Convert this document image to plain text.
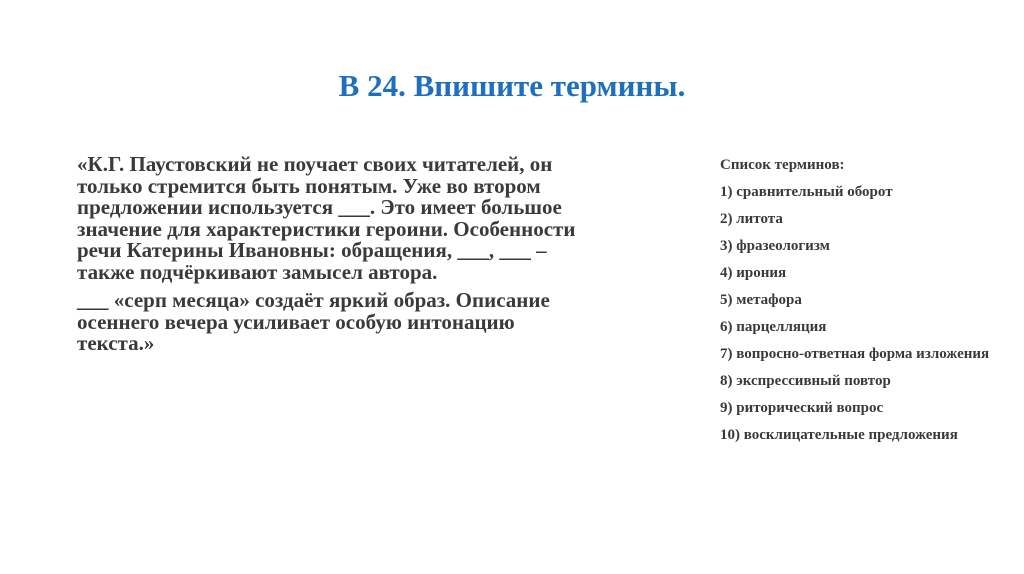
В 24. Впишите термины.

«К.Г. Паустовский не поучает своих читателей, он только стремится быть понятым. Уже во втором предложении используется ___. Это имеет большое значение для характеристики героини. Особенности речи Катерины Ивановны: обращения, ___, ___ – также подчёркивают замысел автора.

___ «серп месяца» создаёт яркий образ. Описание осеннего вечера усиливает особую интонацию текста.»

Список терминов:
1) сравнительный оборот
2) литота
3) фразеологизм
4) ирония
5) метафора
6) парцелляция
7) вопросно-ответная форма изложения
8) экспрессивный повтор
9) риторический вопрос
10) восклицательные предложения
